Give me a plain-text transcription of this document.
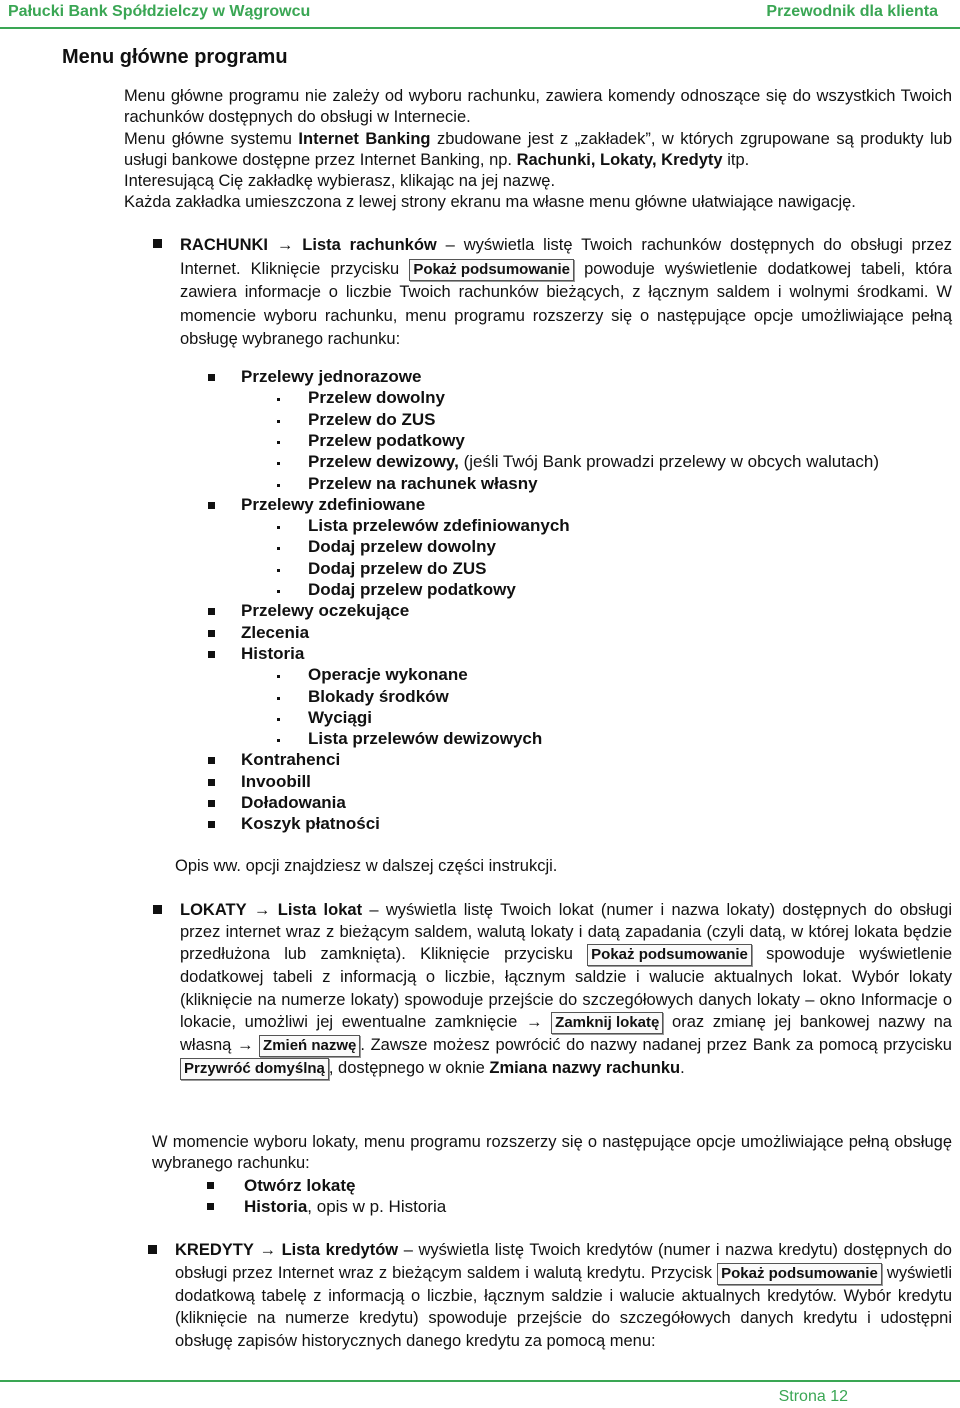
Pałucki Bank Spółdzielczy w Wągrowcu	Przewodnik dla klienta
Menu główne programu
Menu główne programu nie zależy od wyboru rachunku, zawiera komendy odnoszące się do wszystkich Twoich rachunków dostępnych do obsługi w Internecie.
Menu główne systemu Internet Banking zbudowane jest z „zakładek”, w których zgrupowane są produkty lub usługi bankowe dostępne przez Internet Banking, np. Rachunki, Lokaty, Kredyty itp.
Interesującą Cię zakładkę wybierasz, klikając na jej nazwę.
Każda zakładka umieszczona z lewej strony ekranu ma własne menu główne ułatwiające nawigację.
RACHUNKI → Lista rachunków – wyświetla listę Twoich rachunków dostępnych do obsługi przez Internet. Kliknięcie przycisku Pokaż podsumowanie powoduje wyświetlenie dodatkowej tabeli, która zawiera informacje o liczbie Twoich rachunków bieżących, z łącznym saldem i wolnymi środkami. W momencie wyboru rachunku, menu programu rozszerzy się o następujące opcje umożliwiające pełną obsługę wybranego rachunku:
Przelewy jednorazowe
Przelew dowolny
Przelew do ZUS
Przelew podatkowy
Przelew dewizowy, (jeśli Twój Bank prowadzi przelewy w obcych walutach)
Przelew na rachunek własny
Przelewy zdefiniowane
Lista przelewów zdefiniowanych
Dodaj przelew dowolny
Dodaj przelew do ZUS
Dodaj przelew podatkowy
Przelewy oczekujące
Zlecenia
Historia
Operacje wykonane
Blokady środków
Wyciągi
Lista przelewów dewizowych
Kontrahenci
Invoobill
Doładowania
Koszyk płatności
Opis ww. opcji znajdziesz w dalszej części instrukcji.
LOKATY → Lista lokat – wyświetla listę Twoich lokat (numer i nazwa lokaty) dostępnych do obsługi przez internet wraz z bieżącym saldem, walutą lokaty i datą zapadania (czyli datą, w której lokata będzie przedłużona lub zamknięta). Kliknięcie przycisku Pokaż podsumowanie spowoduje wyświetlenie dodatkowej tabeli z informacją o liczbie, łącznym saldzie i walucie aktualnych lokat. Wybór lokaty (kliknięcie na numerze lokaty) spowoduje przejście do szczegółowych danych lokaty – okno Informacje o lokacie, umożliwi jej ewentualne zamknięcie → Zamknij lokatę oraz zmianę jej bankowej nazwy na własną → Zmień nazwę . Zawsze możesz powrócić do nazwy nadanej przez Bank za pomocą przycisku Przywróć domyślną , dostępnego w oknie Zmiana nazwy rachunku.
W momencie wyboru lokaty, menu programu rozszerzy się o następujące opcje umożliwiające pełną obsługę wybranego rachunku:
Otwórz lokatę
Historia, opis w p. Historia
KREDYTY → Lista kredytów – wyświetla listę Twoich kredytów (numer i nazwa kredytu) dostępnych do obsługi przez Internet wraz z bieżącym saldem i walutą kredytu. Przycisk Pokaż podsumowanie wyświetli dodatkową tabelę z informacją o liczbie, łącznym saldzie i walucie aktualnych kredytów. Wybór kredytu (kliknięcie na numerze kredytu) spowoduje przejście do szczegółowych danych kredytu i udostępni obsługę zapisów historycznych danego kredytu za pomocą menu:
Strona 12
